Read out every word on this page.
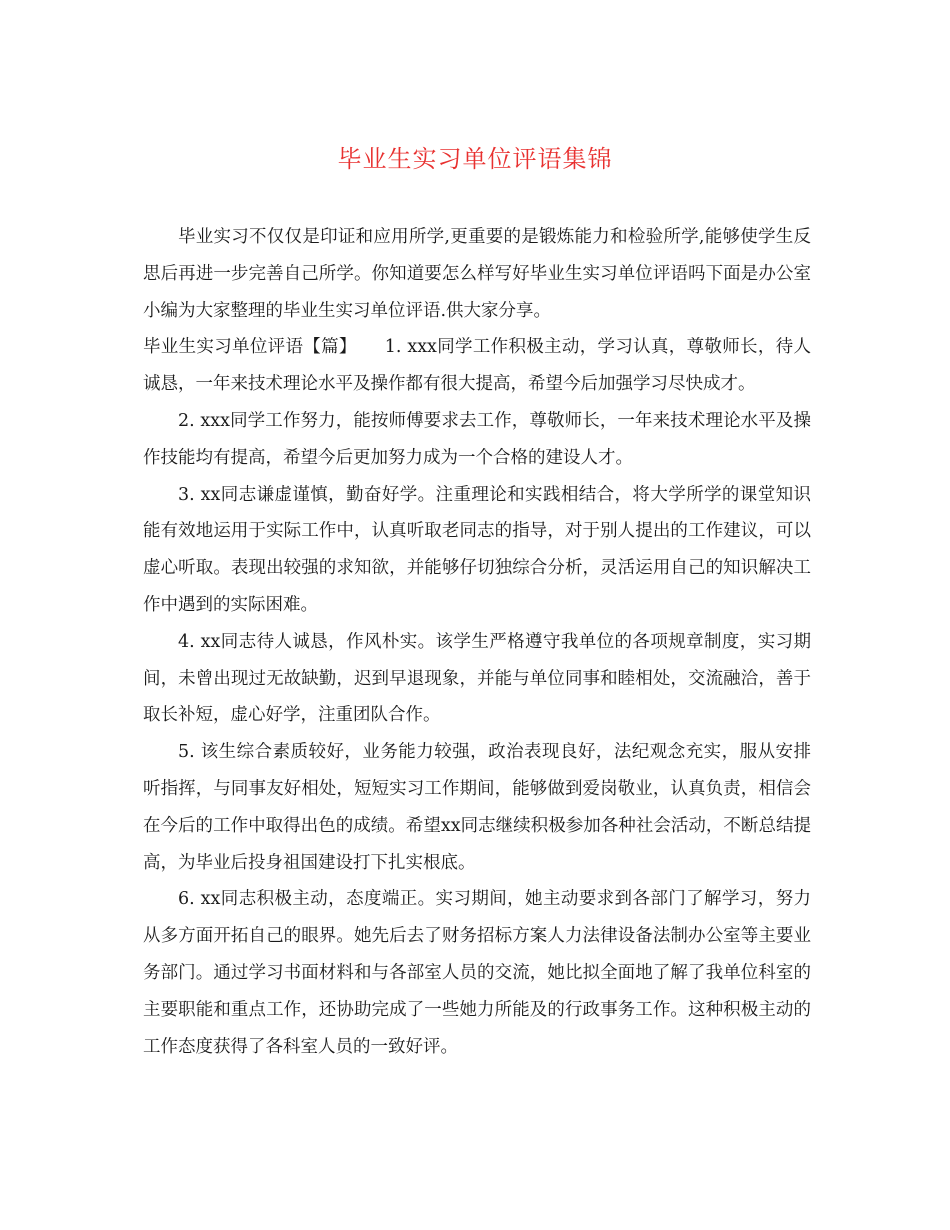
毕业生实习单位评语集锦

毕业实习不仅仅是印证和应用所学,更重要的是锻炼能力和检验所学,能够使学生反思后再进一步完善自己所学。你知道要怎么样写好毕业生实习单位评语吗下面是办公室小编为大家整理的毕业生实习单位评语.供大家分享。

毕业生实习单位评语【篇】 1. xxx同学工作积极主动，学习认真，尊敬师长，待人诚恳，一年来技术理论水平及操作都有很大提高，希望今后加强学习尽快成才。

2. xxx同学工作努力，能按师傅要求去工作，尊敬师长，一年来技术理论水平及操作技能均有提高，希望今后更加努力成为一个合格的建设人才。

3. xx同志谦虚谨慎，勤奋好学。注重理论和实践相结合，将大学所学的课堂知识能有效地运用于实际工作中，认真听取老同志的指导，对于别人提出的工作建议，可以虚心听取。表现出较强的求知欲，并能够仔切独综合分析，灵活运用自己的知识解决工作中遇到的实际困难。

4. xx同志待人诚恳，作风朴实。该学生严格遵守我单位的各项规章制度，实习期间，未曾出现过无故缺勤，迟到早退现象，并能与单位同事和睦相处，交流融洽，善于取长补短，虚心好学，注重团队合作。

5. 该生综合素质较好，业务能力较强，政治表现良好，法纪观念充实，服从安排听指挥，与同事友好相处，短短实习工作期间，能够做到爱岗敬业，认真负责，相信会在今后的工作中取得出色的成绩。希望xx同志继续积极参加各种社会活动，不断总结提高，为毕业后投身祖国建设打下扎实根底。

6. xx同志积极主动，态度端正。实习期间，她主动要求到各部门了解学习，努力从多方面开拓自己的眼界。她先后去了财务招标方案人力法律设备法制办公室等主要业务部门。通过学习书面材料和与各部室人员的交流，她比拟全面地了解了我单位科室的主要职能和重点工作，还协助完成了一些她力所能及的行政事务工作。这种积极主动的工作态度获得了各科室人员的一致好评。
